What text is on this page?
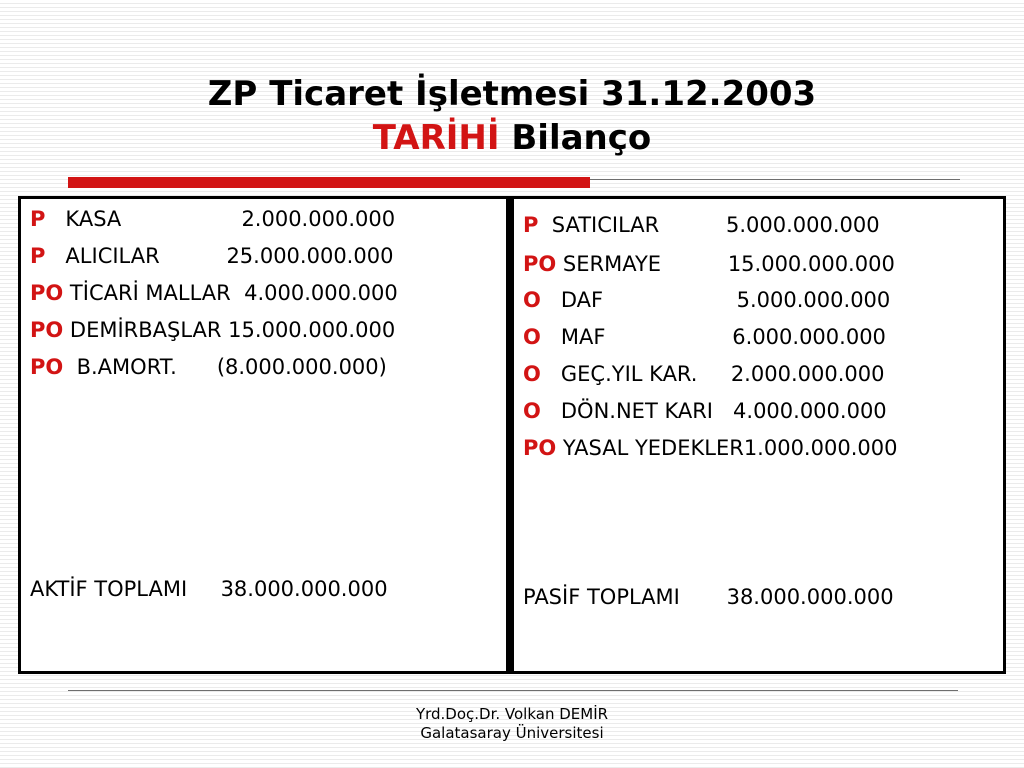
ZP Ticaret İşletmesi 31.12.2003
TARİHİ Bilanço
P   KASA                  2.000.000.000
P   ALICILAR          25.000.000.000
PO TİCARİ MALLAR  4.000.000.000
PO DEMİRBAŞLAR 15.000.000.000
PO  B.AMORT.      (8.000.000.000)
AKTİF TOPLAMI 38.000.000.000
P  SATICILAR          5.000.000.000
PO SERMAYE          15.000.000.000
O   DAF                    5.000.000.000
O   MAF                   6.000.000.000
O   GEÇ.YIL KAR.     2.000.000.000
O   DÖN.NET KARI   4.000.000.000
PO YASAL YEDEKLER1.000.000.000
PASİF TOPLAMI 38.000.000.000
Yrd.Doç.Dr. Volkan DEMİR
Galatasaray Üniversitesi
